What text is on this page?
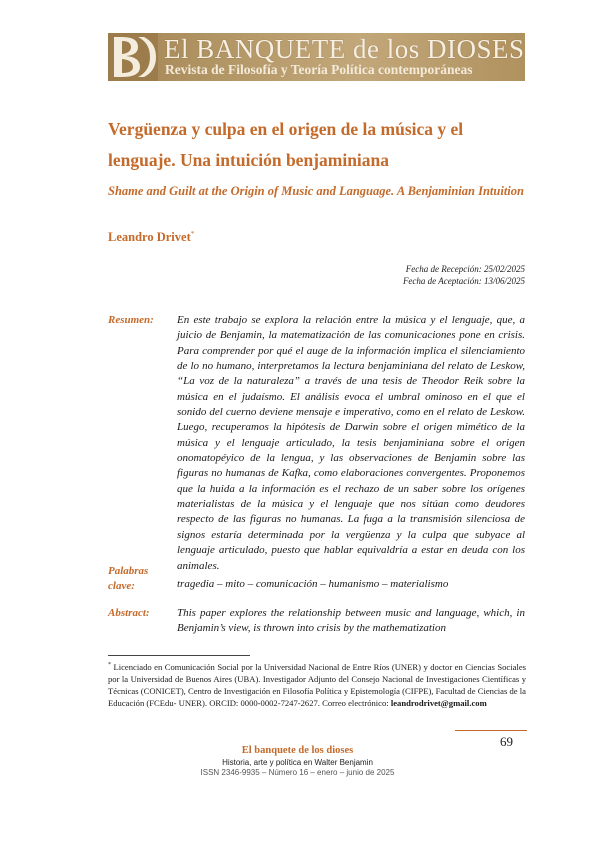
El BANQUETE de los DIOSES
Revista de Filosofía y Teoría Política contemporáneas
Vergüenza y culpa en el origen de la música y el lenguaje. Una intuición benjaminiana
Shame and Guilt at the Origin of Music and Language. A Benjaminian Intuition
Leandro Drivet*
Fecha de Recepción: 25/02/2025
Fecha de Aceptación: 13/06/2025
Resumen: En este trabajo se explora la relación entre la música y el lenguaje, que, a juicio de Benjamin, la matematización de las comunicaciones pone en crisis. Para comprender por qué el auge de la información implica el silenciamiento de lo no humano, interpretamos la lectura benjaminiana del relato de Leskow, “La voz de la naturaleza” a través de una tesis de Theodor Reik sobre la música en el judaísmo. El análisis evoca el umbral ominoso en el que el sonido del cuerno deviene mensaje e imperativo, como en el relato de Leskow. Luego, recuperamos la hipótesis de Darwin sobre el origen mimético de la música y el lenguaje articulado, la tesis benjaminiana sobre el origen onomatopéyico de la lengua, y las observaciones de Benjamin sobre las figuras no humanas de Kafka, como elaboraciones convergentes. Proponemos que la huida a la información es el rechazo de un saber sobre los orígenes materialistas de la música y el lenguaje que nos sitúan como deudores respecto de las figuras no humanas. La fuga a la transmisión silenciosa de signos estaría determinada por la vergüenza y la culpa que subyace al lenguaje articulado, puesto que hablar equivaldría a estar en deuda con los animales.
Palabras
clave:	tragedia – mito – comunicación – humanismo – materialismo
Abstract: This paper explores the relationship between music and language, which, in Benjamin’s view, is thrown into crisis by the mathematization
* Licenciado en Comunicación Social por la Universidad Nacional de Entre Ríos (UNER) y doctor en Ciencias Sociales por la Universidad de Buenos Aires (UBA). Investigador Adjunto del Consejo Nacional de Investigaciones Científicas y Técnicas (CONICET), Centro de Investigación en Filosofía Política y Epistemología (CIFPE), Facultad de Ciencias de la Educación (FCEdu- UNER). ORCID: 0000-0002-7247-2627. Correo electrónico: leandrodrivet@gmail.com
69
El banquete de los dioses
Historia, arte y política en Walter Benjamin
ISSN 2346-9935 – Número 16 – enero – junio de 2025
